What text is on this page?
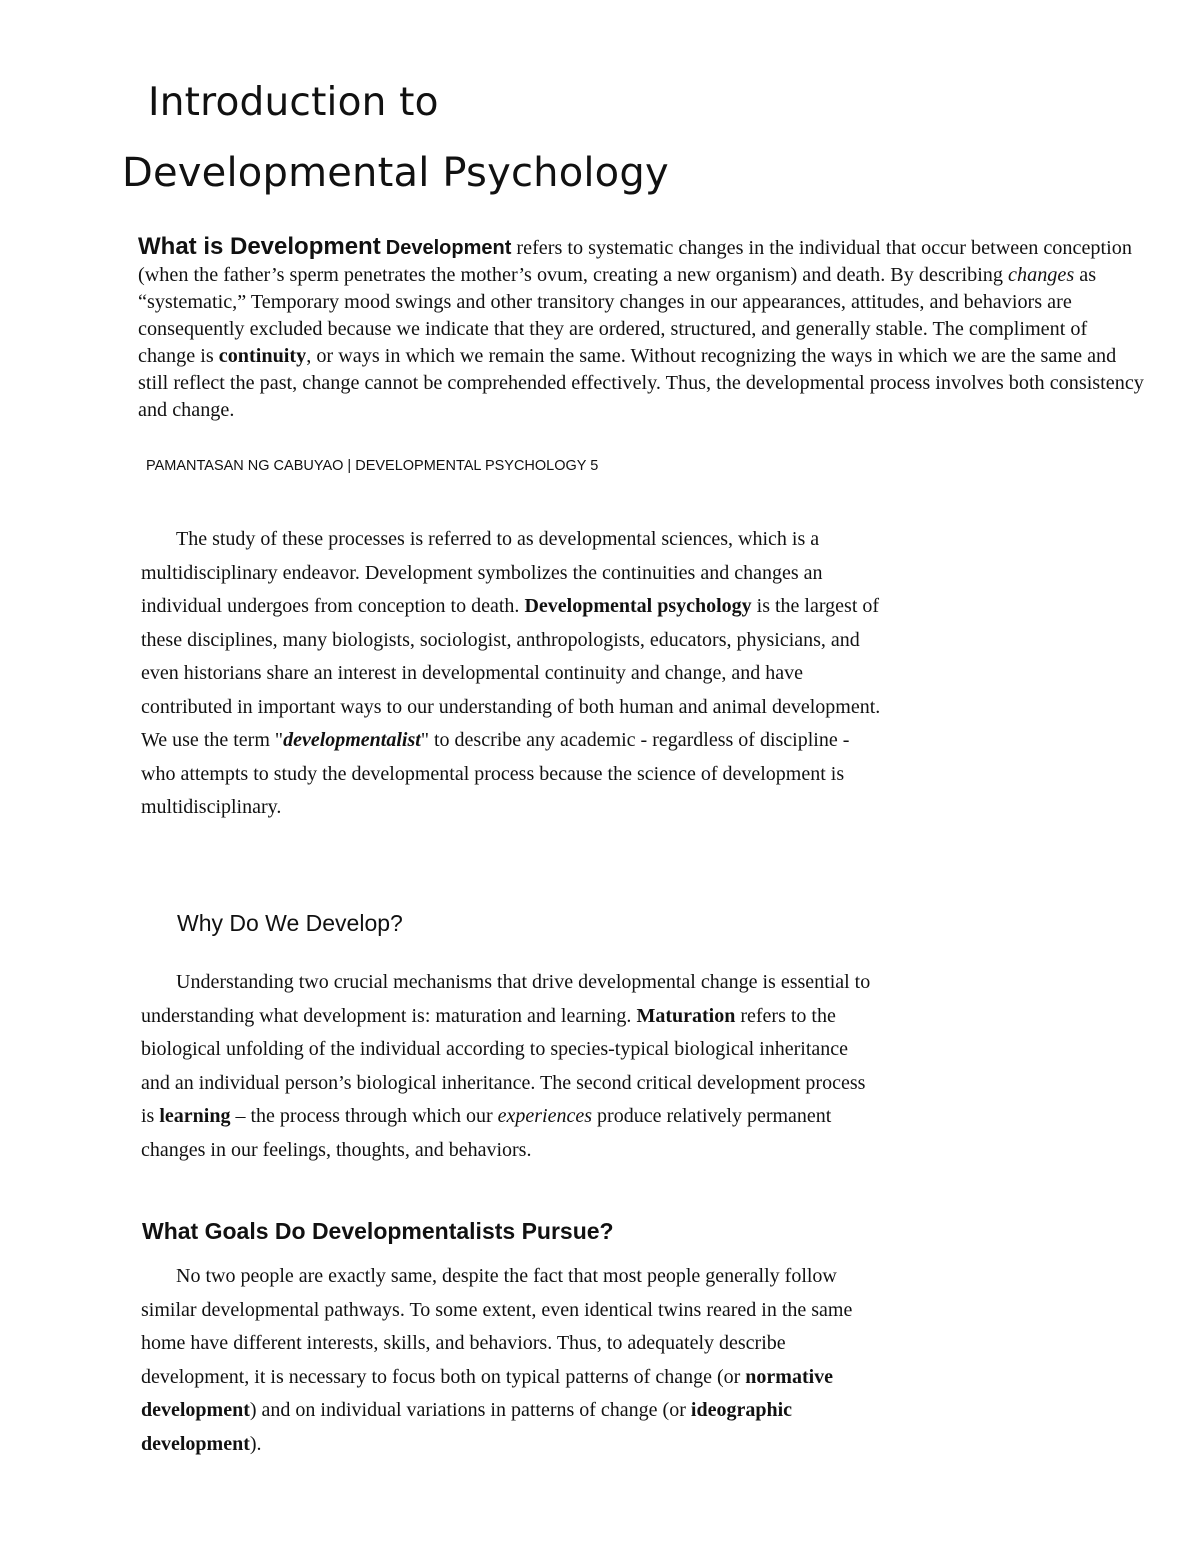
Introduction to
Developmental Psychology

What is Development Development refers to systematic changes in the individual that occur between conception (when the father’s sperm penetrates the mother’s ovum, creating a new organism) and death. By describing changes as “systematic,” Temporary mood swings and other transitory changes in our appearances, attitudes, and behaviors are consequently excluded because we indicate that they are ordered, structured, and generally stable. The compliment of change is continuity, or ways in which we remain the same. Without recognizing the ways in which we are the same and still reflect the past, change cannot be comprehended effectively. Thus, the developmental process involves both consistency and change.

PAMANTASAN NG CABUYAO | DEVELOPMENTAL PSYCHOLOGY 5

The study of these processes is referred to as developmental sciences, which is a multidisciplinary endeavor. Development symbolizes the continuities and changes an individual undergoes from conception to death. Developmental psychology is the largest of these disciplines, many biologists, sociologist, anthropologists, educators, physicians, and even historians share an interest in developmental continuity and change, and have contributed in important ways to our understanding of both human and animal development. We use the term "developmentalist" to describe any academic - regardless of discipline - who attempts to study the developmental process because the science of development is multidisciplinary.

Why Do We Develop?

Understanding two crucial mechanisms that drive developmental change is essential to understanding what development is: maturation and learning. Maturation refers to the biological unfolding of the individual according to species-typical biological inheritance and an individual person’s biological inheritance. The second critical development process is learning – the process through which our experiences produce relatively permanent changes in our feelings, thoughts, and behaviors.

What Goals Do Developmentalists Pursue?

No two people are exactly same, despite the fact that most people generally follow similar developmental pathways. To some extent, even identical twins reared in the same home have different interests, skills, and behaviors. Thus, to adequately describe development, it is necessary to focus both on typical patterns of change (or normative development) and on individual variations in patterns of change (or ideographic development).
